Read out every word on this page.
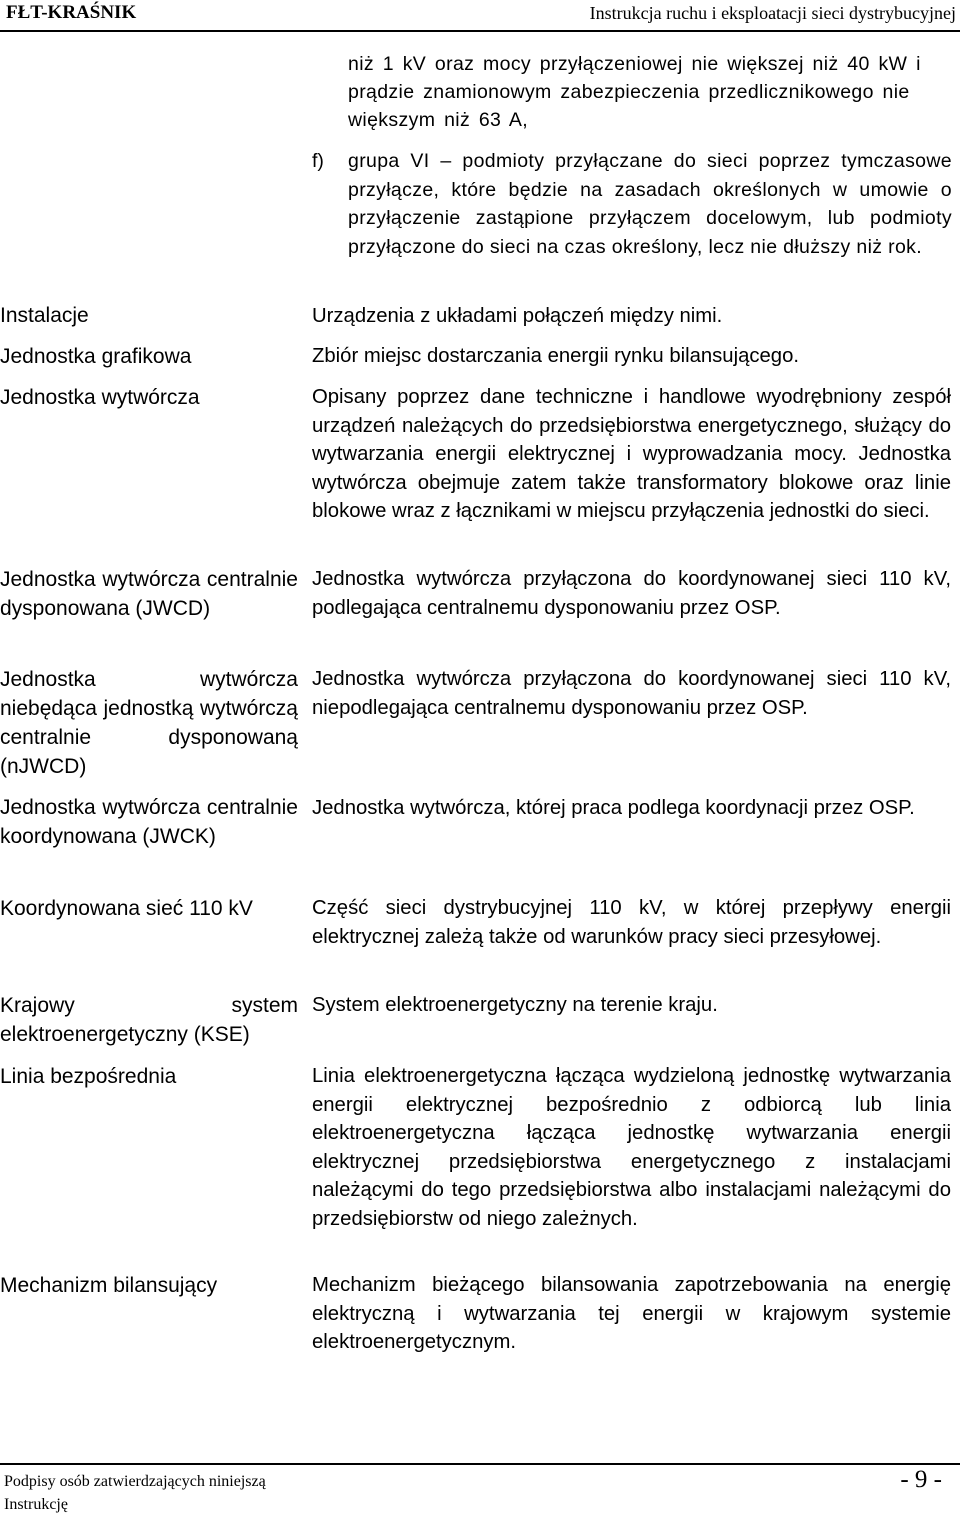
FŁT-KRAŚNIK	Instrukcja ruchu i eksploatacji sieci dystrybucyjnej
niż 1 kV oraz mocy przyłączeniowej nie większej niż 40 kW i prądzie znamionowym zabezpieczenia przedlicznikowego nie większym niż 63 A,
f) grupa VI – podmioty przyłączane do sieci poprzez tymczasowe przyłącze, które będzie na zasadach określonych w umowie o przyłączenie zastąpione przyłączem docelowym, lub podmioty przyłączone do sieci na czas określony, lecz nie dłuższy niż rok.
Instalacje
Jednostka grafikowa
Jednostka wytwórcza
Jednostka wytwórcza centralnie dysponowana (JWCD)
Jednostka wytwórcza niebędąca jednostką wytwórczą centralnie dysponowaną (nJWCD)
Jednostka wytwórcza centralnie koordynowana (JWCK)
Koordynowana sieć 110 kV
Krajowy system elektroenergetyczny (KSE)
Linia bezpośrednia
Mechanizm bilansujący
Urządzenia z układami połączeń między nimi.
Zbiór miejsc dostarczania energii rynku bilansującego.
Opisany poprzez dane techniczne i handlowe wyodrębniony zespół urządzeń należących do przedsiębiorstwa energetycznego, służący do wytwarzania energii elektrycznej i wyprowadzania mocy. Jednostka wytwórcza obejmuje zatem także transformatory blokowe oraz linie blokowe wraz z łącznikami w miejscu przyłączenia jednostki do sieci.
Jednostka wytwórcza przyłączona do koordynowanej sieci 110 kV, podlegająca centralnemu dysponowaniu przez OSP.
Jednostka wytwórcza przyłączona do koordynowanej sieci 110 kV, niepodlegająca centralnemu dysponowaniu przez OSP.
Jednostka wytwórcza, której praca podlega koordynacji przez OSP.
Część sieci dystrybucyjnej 110 kV, w której przepływy energii elektrycznej zależą także od warunków pracy sieci przesyłowej.
System elektroenergetyczny na terenie kraju.
Linia elektroenergetyczna łącząca wydzieloną jednostkę wytwarzania energii elektrycznej bezpośrednio z odbiorcą lub linia elektroenergetyczna łącząca jednostkę wytwarzania energii elektrycznej przedsiębiorstwa energetycznego z instalacjami należącymi do tego przedsiębiorstwa albo instalacjami należącymi do przedsiębiorstw od niego zależnych.
Mechanizm bieżącego bilansowania zapotrzebowania na energię elektryczną i wytwarzania tej energii w krajowym systemie elektroenergetycznym.
Podpisy osób zatwierdzających niniejszą Instrukcję
- 9 -
